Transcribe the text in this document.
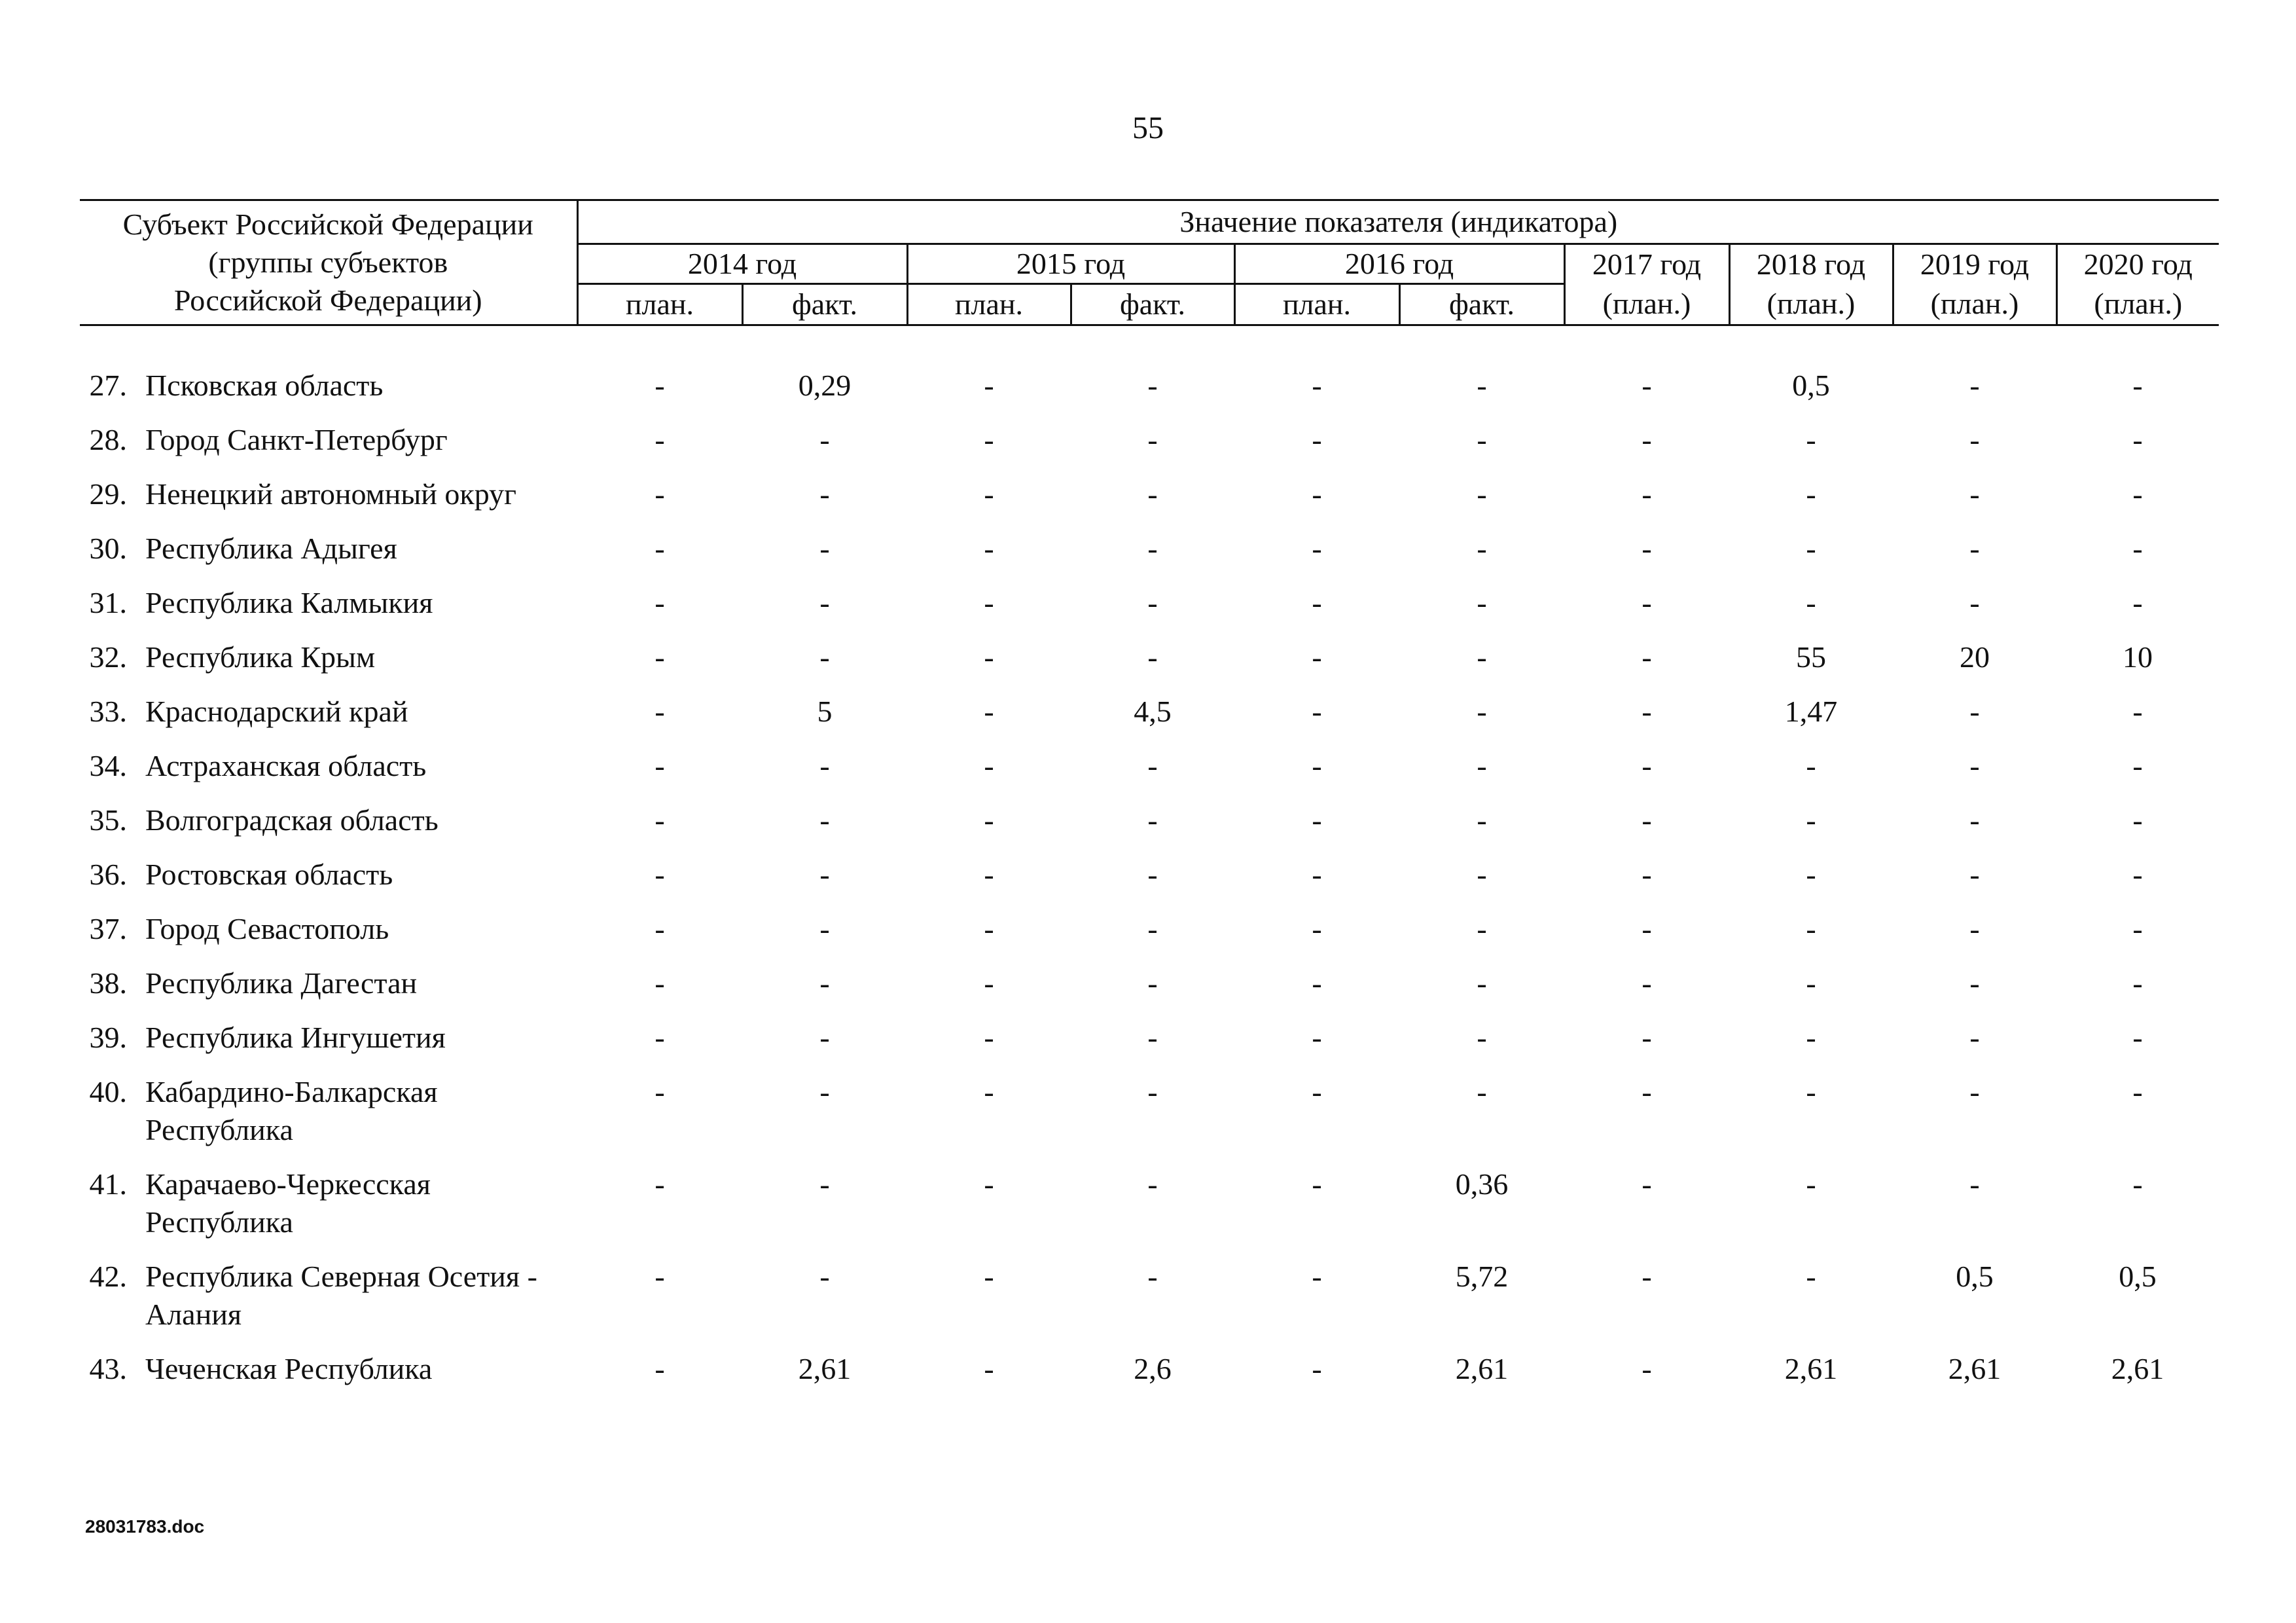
55
Субъект Российской Федерации
(группы субъектов
Российской Федерации)		Значение показателя (индикатора)									
		2014 год		2015 год		2016 год		2017 год	2018 год	2019 год	2020 год
		план.	факт.	план.	факт.	план.	факт.	(план.)	(план.)	(план.)	(план.)

27.	Псковская область	-	0,29	-	-	-	-	-	0,5	-	-
28.	Город Санкт-Петербург	-	-	-	-	-	-	-	-	-	-
29.	Ненецкий автономный округ	-	-	-	-	-	-	-	-	-	-
30.	Республика Адыгея	-	-	-	-	-	-	-	-	-	-
31.	Республика Калмыкия	-	-	-	-	-	-	-	-	-	-
32.	Республика Крым	-	-	-	-	-	-	-	55	20	10
33.	Краснодарский край	-	5	-	4,5	-	-	-	1,47	-	-
34.	Астраханская область	-	-	-	-	-	-	-	-	-	-
35.	Волгоградская область	-	-	-	-	-	-	-	-	-	-
36.	Ростовская область	-	-	-	-	-	-	-	-	-	-
37.	Город Севастополь	-	-	-	-	-	-	-	-	-	-
38.	Республика Дагестан	-	-	-	-	-	-	-	-	-	-
39.	Республика Ингушетия	-	-	-	-	-	-	-	-	-	-
40.	Кабардино-Балкарская Республика	-	-	-	-	-	-	-	-	-	-
41.	Карачаево-Черкесская Республика	-	-	-	-	-	0,36	-	-	-	-
42.	Республика Северная Осетия - Алания	-	-	-	-	-	5,72	-	-	0,5	0,5
43.	Чеченская Республика	-	2,61	-	2,6	-	2,61	-	2,61	2,61	2,61
28031783.doc
